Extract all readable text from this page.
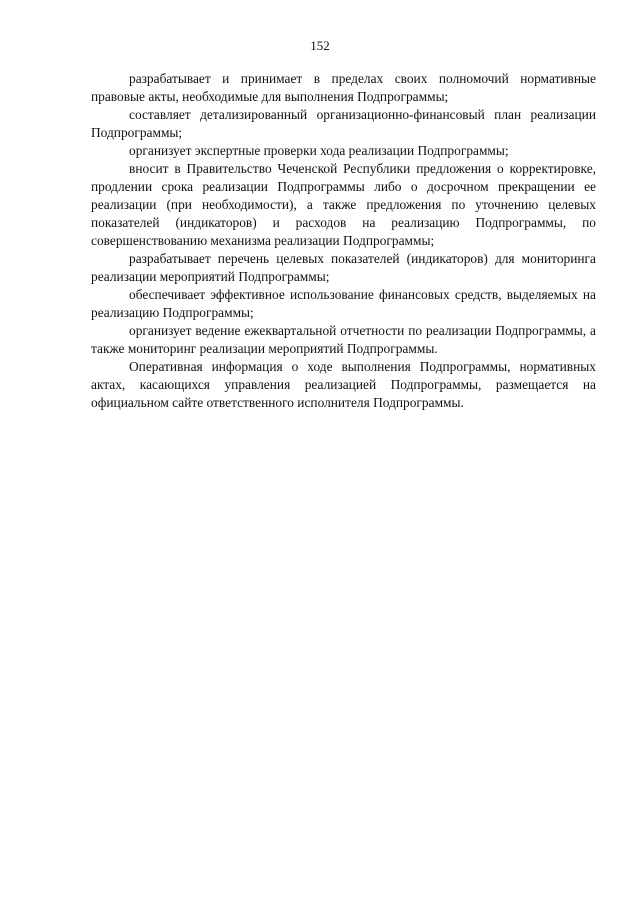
152

разрабатывает и принимает в пределах своих полномочий нормативные правовые акты, необходимые для выполнения Подпрограммы;

составляет детализированный организационно-финансовый план реализации Подпрограммы;

организует экспертные проверки хода реализации Подпрограммы;

вносит в Правительство Чеченской Республики предложения о корректировке, продлении срока реализации Подпрограммы либо о досрочном прекращении ее реализации (при необходимости), а также предложения по уточнению целевых показателей (индикаторов) и расходов на реализацию Подпрограммы, по совершенствованию механизма реализации Подпрограммы;

разрабатывает перечень целевых показателей (индикаторов) для мониторинга реализации мероприятий Подпрограммы;

обеспечивает эффективное использование финансовых средств, выделяемых на реализацию Подпрограммы;

организует ведение ежеквартальной отчетности по реализации Подпрограммы, а также мониторинг реализации мероприятий Подпрограммы.

Оперативная информация о ходе выполнения Подпрограммы, нормативных актах, касающихся управления реализацией Подпрограммы, размещается на официальном сайте ответственного исполнителя Подпрограммы.
